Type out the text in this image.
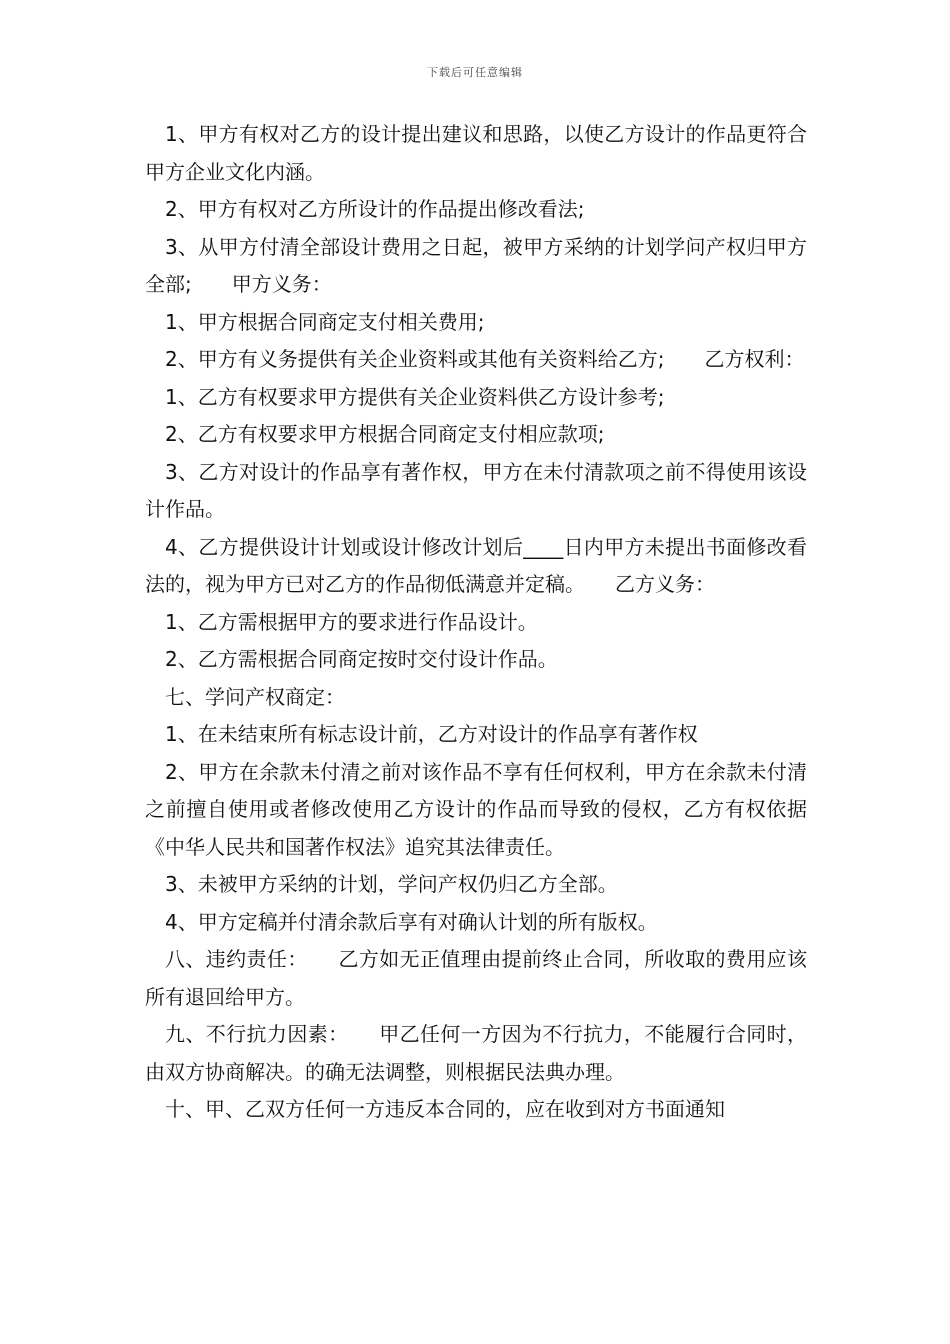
下载后可任意编辑

1、甲方有权对乙方的设计提出建议和思路，以使乙方设计的作品更符合甲方企业文化内涵。

2、甲方有权对乙方所设计的作品提出修改看法;

3、从甲方付清全部设计费用之日起，被甲方采纳的计划学问产权归甲方全部;　　甲方义务：

1、甲方根据合同商定支付相关费用;

2、甲方有义务提供有关企业资料或其他有关资料给乙方;　　乙方权利：

1、乙方有权要求甲方提供有关企业资料供乙方设计参考;

2、乙方有权要求甲方根据合同商定支付相应款项;

3、乙方对设计的作品享有著作权，甲方在未付清款项之前不得使用该设计作品。

4、乙方提供设计计划或设计修改计划后____日内甲方未提出书面修改看法的，视为甲方已对乙方的作品彻低满意并定稿。　　乙方义务：

1、乙方需根据甲方的要求进行作品设计。

2、乙方需根据合同商定按时交付设计作品。

七、学问产权商定：

1、在未结束所有标志设计前，乙方对设计的作品享有著作权

2、甲方在余款未付清之前对该作品不享有任何权利，甲方在余款未付清之前擅自使用或者修改使用乙方设计的作品而导致的侵权，乙方有权依据《中华人民共和国著作权法》追究其法律责任。

3、未被甲方采纳的计划，学问产权仍归乙方全部。

4、甲方定稿并付清余款后享有对确认计划的所有版权。

八、违约责任：　　乙方如无正值理由提前终止合同，所收取的费用应该所有退回给甲方。

九、不行抗力因素：　　甲乙任何一方因为不行抗力，不能履行合同时，由双方协商解决。的确无法调整，则根据民法典办理。

十、甲、乙双方任何一方违反本合同的，应在收到对方书面通知
